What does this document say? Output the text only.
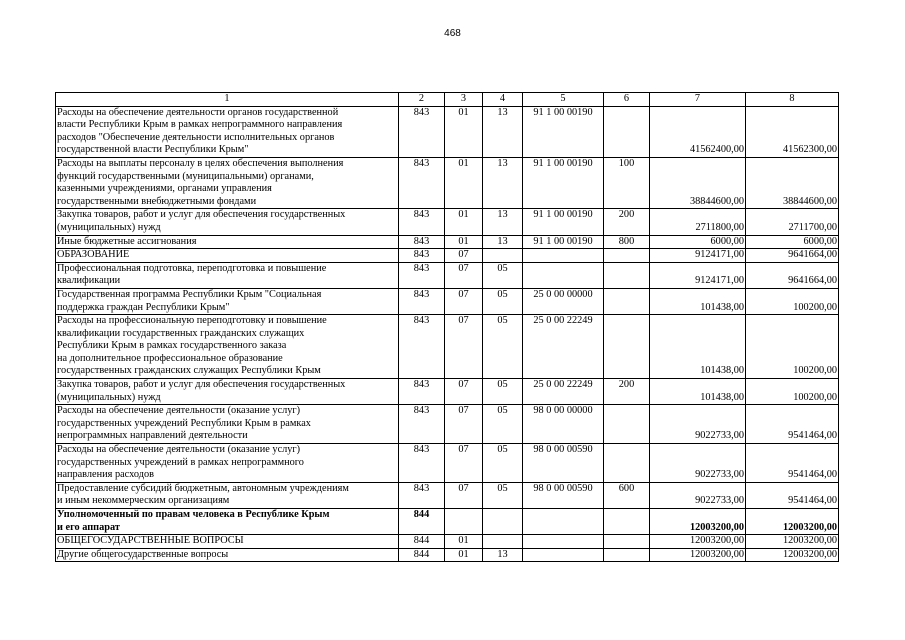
468
1	2	3	4	5	6	7	8
Расходы на обеспечение деятельности органов государственной
власти Республики Крым в рамках непрограммного направления
расходов "Обеспечение деятельности исполнительных органов
государственной власти Республики Крым"	843	01	13	91 1 00 00190		41562400,00	41562300,00
Расходы на выплаты персоналу в целях обеспечения выполнения
функций государственными (муниципальными) органами,
казенными учреждениями, органами управления
государственными внебюджетными фондами	843	01	13	91 1 00 00190	100	38844600,00	38844600,00
Закупка товаров, работ и услуг для обеспечения государственных
(муниципальных) нужд	843	01	13	91 1 00 00190	200	2711800,00	2711700,00
Иные бюджетные ассигнования	843	01	13	91 1 00 00190	800	6000,00	6000,00
ОБРАЗОВАНИЕ	843	07				9124171,00	9641664,00
Профессиональная подготовка, переподготовка и повышение
квалификации	843	07	05			9124171,00	9641664,00
Государственная программа Республики Крым "Социальная
поддержка граждан Республики Крым"	843	07	05	25 0 00 00000		101438,00	100200,00
Расходы на профессиональную переподготовку и повышение
квалификации государственных гражданских служащих
Республики Крым в рамках государственного заказа
на дополнительное профессиональное образование
государственных гражданских служащих Республики Крым	843	07	05	25 0 00 22249		101438,00	100200,00
Закупка товаров, работ и услуг для обеспечения государственных
(муниципальных) нужд	843	07	05	25 0 00 22249	200	101438,00	100200,00
Расходы на обеспечение деятельности (оказание услуг)
государственных учреждений Республики Крым в рамках
непрограммных направлений деятельности	843	07	05	98 0 00 00000		9022733,00	9541464,00
Расходы на обеспечение деятельности (оказание услуг)
государственных учреждений в рамках непрограммного
направления расходов	843	07	05	98 0 00 00590		9022733,00	9541464,00
Предоставление субсидий бюджетным, автономным учреждениям
и иным некоммерческим организациям	843	07	05	98 0 00 00590	600	9022733,00	9541464,00
Уполномоченный по правам человека в Республике Крым
и его аппарат	844					12003200,00	12003200,00
ОБЩЕГОСУДАРСТВЕННЫЕ ВОПРОСЫ	844	01				12003200,00	12003200,00
Другие общегосударственные вопросы	844	01	13			12003200,00	12003200,00
